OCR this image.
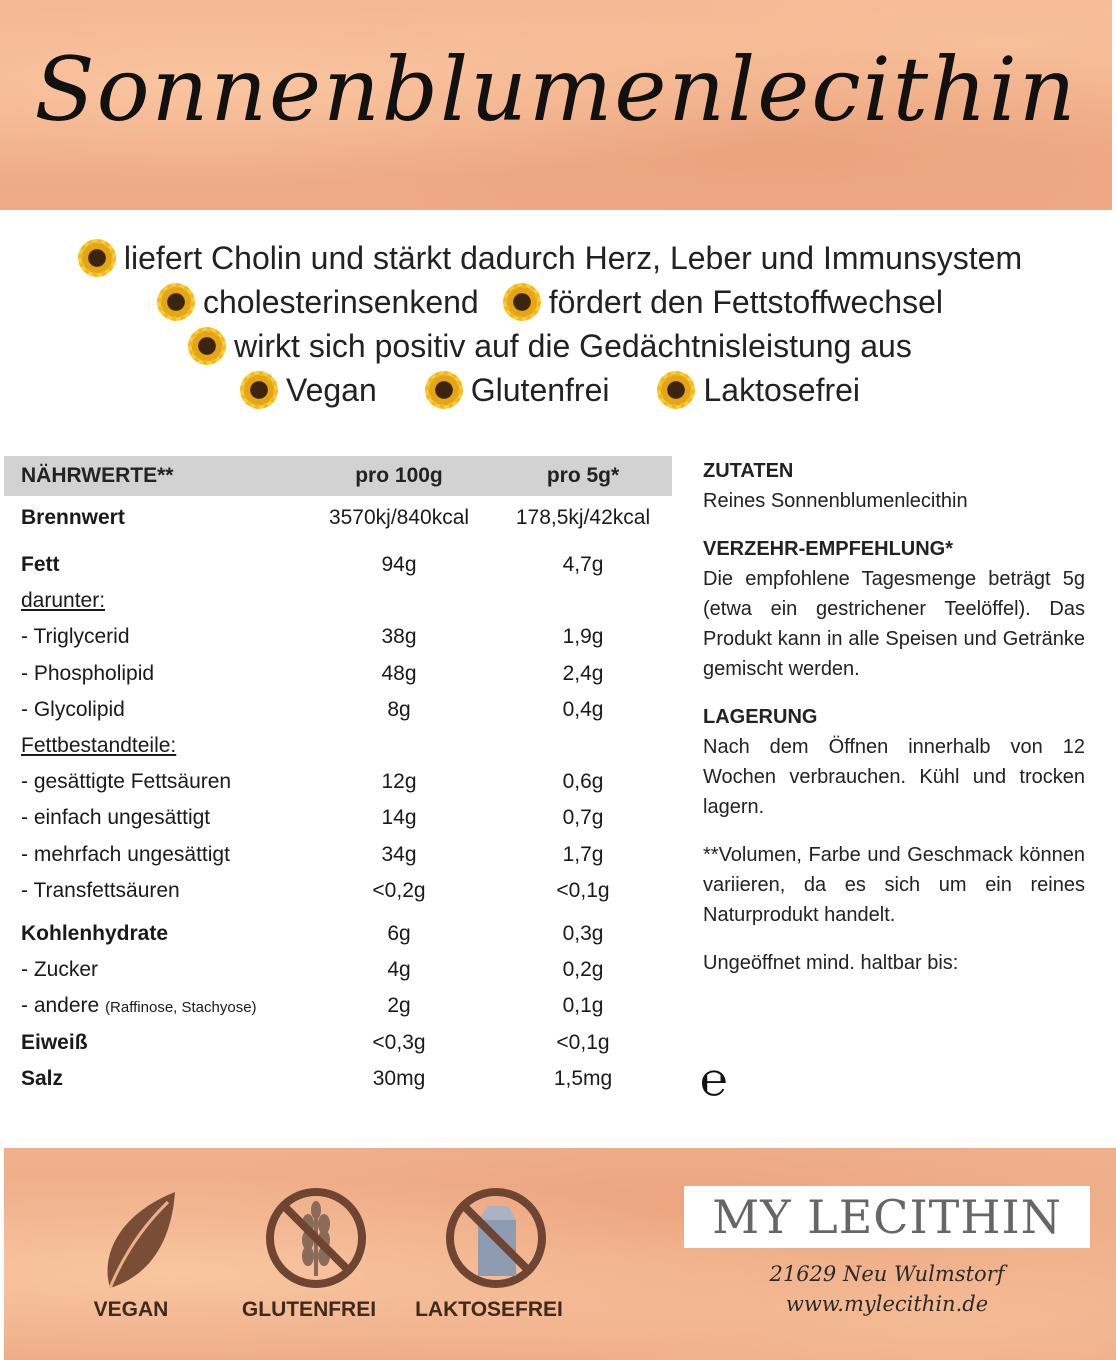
Sonnenblumenlecithin
liefert Cholin und stärkt dadurch Herz, Leber und Immunsystem
cholesterinsenkend fördert den Fettstoffwechsel
wirkt sich positiv auf die Gedächtnisleistung aus
Vegan	Glutenfrei	Laktosefrei
NÄHRWERTE**	pro 100g	pro 5g*
Brennwert	3570kj/840kcal	178,5kj/42kcal
Fett	94g	4,7g
darunter:
- Triglycerid	38g	1,9g
- Phospholipid	48g	2,4g
- Glycolipid	8g	0,4g
Fettbestandteile:
- gesättigte Fettsäuren	12g	0,6g
- einfach ungesättigt	14g	0,7g
- mehrfach ungesättigt	34g	1,7g
- Transfettsäuren	<0,2g	<0,1g
Kohlenhydrate	6g	0,3g
- Zucker	4g	0,2g
- andere (Raffinose, Stachyose)	2g	0,1g
Eiweiß	<0,3g	<0,1g
Salz	30mg	1,5mg
ZUTATEN

Reines Sonnenblumenlecithin

VERZEHR-EMPFEHLUNG*

Die empfohlene Tagesmenge beträgt 5g (etwa ein gestrichener Teelöffel). Das Produkt kann in alle Speisen und Getränke gemischt werden.

LAGERUNG

Nach dem Öffnen innerhalb von 12 Wochen verbrauchen. Kühl und trocken lagern.

**Volumen, Farbe und Geschmack können variieren, da es sich um ein reines Naturprodukt handelt.

Ungeöffnet mind. haltbar bis:

℮
VEGAN	GLUTENFREI	LAKTOSEFREI
MY LECITHIN
21629 Neu Wulmstorf
www.mylecithin.de
